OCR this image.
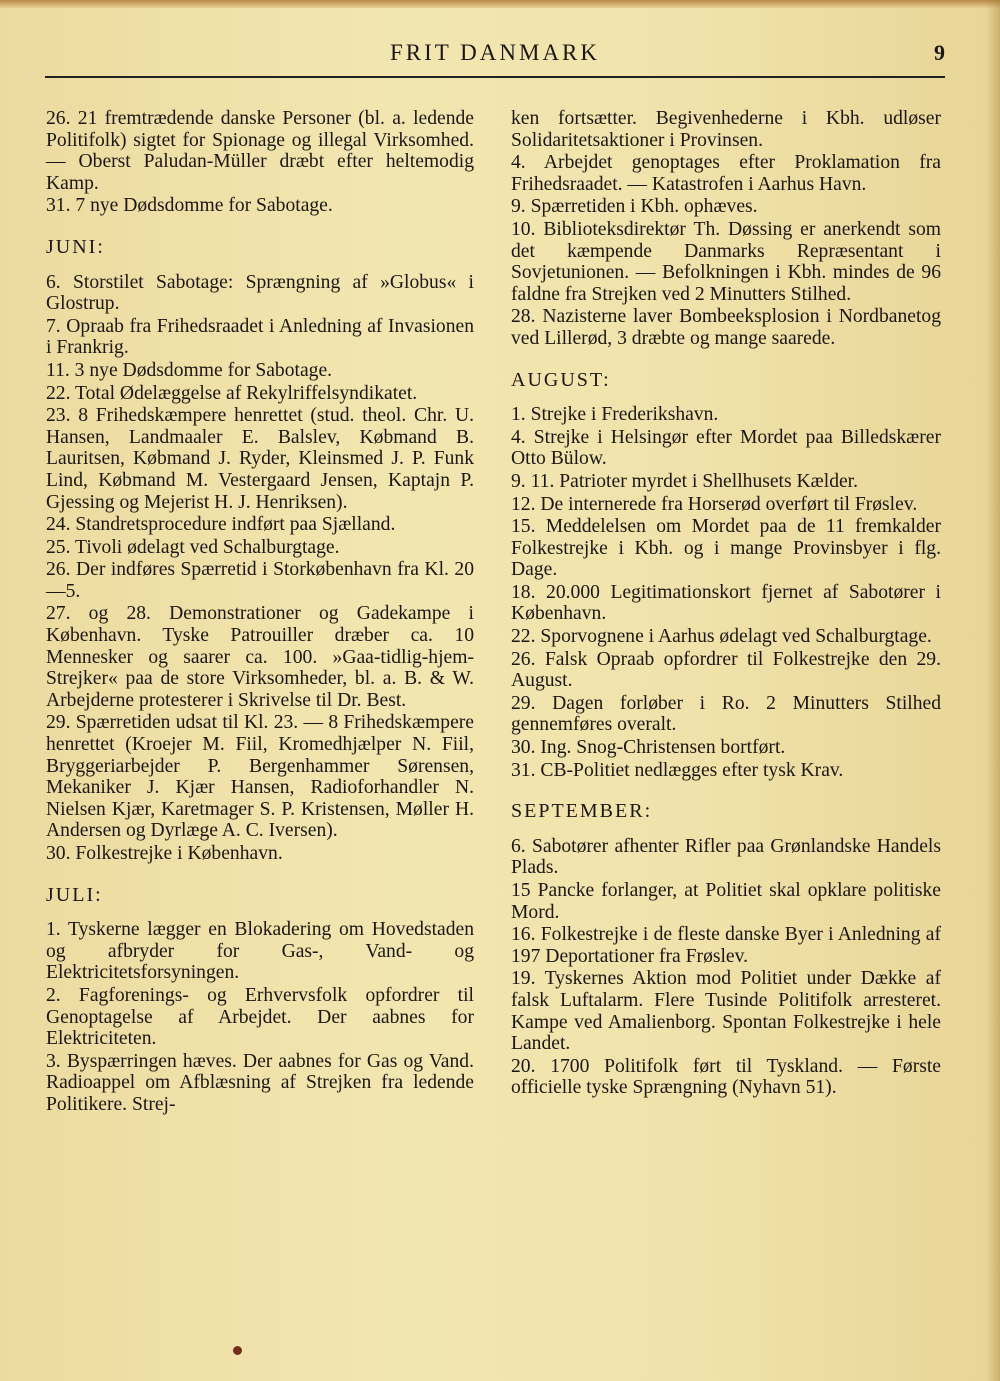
FRIT DANMARK	9
26. 21 fremtrædende danske Personer (bl. a. ledende Politifolk) sigtet for Spionage og illegal Virksomhed. — Oberst Paludan-Müller dræbt efter heltemodig Kamp.
31. 7 nye Dødsdomme for Sabotage.
JUNI:
6. Storstilet Sabotage: Sprængning af »Globus« i Glostrup.
7. Opraab fra Frihedsraadet i Anledning af Invasionen i Frankrig.
11. 3 nye Dødsdomme for Sabotage.
22. Total Ødelæggelse af Rekylriffelsyndikatet.
23. 8 Frihedskæmpere henrettet (stud. theol. Chr. U. Hansen, Landmaaler E. Balslev, Købmand B. Lauritsen, Købmand J. Ryder, Kleinsmed J. P. Funk Lind, Købmand M. Vestergaard Jensen, Kaptajn P. Gjessing og Mejerist H. J. Henriksen).
24. Standretsprocedure indført paa Sjælland.
25. Tivoli ødelagt ved Schalburgtage.
26. Der indføres Spærretid i Storkøbenhavn fra Kl. 20—5.
27. og 28. Demonstrationer og Gadekampe i København. Tyske Patrouiller dræber ca. 10 Mennesker og saarer ca. 100. »Gaa-tidlig-hjem-Strejker« paa de store Virksomheder, bl. a. B. & W. Arbejderne protesterer i Skrivelse til Dr. Best.
29. Spærretiden udsat til Kl. 23. — 8 Frihedskæmpere henrettet (Kroejer M. Fiil, Kromedhjælper N. Fiil, Bryggeriarbejder P. Bergenhammer Sørensen, Mekaniker J. Kjær Hansen, Radioforhandler N. Nielsen Kjær, Karetmager S. P. Kristensen, Møller H. Andersen og Dyrlæge A. C. Iversen).
30. Folkestrejke i København.
JULI:
1. Tyskerne lægger en Blokadering om Hovedstaden og afbryder for Gas-, Vand- og Elektricitetsforsyningen.
2. Fagforenings- og Erhvervsfolk opfordrer til Genoptagelse af Arbejdet. Der aabnes for Elektriciteten.
3. Byspærringen hæves. Der aabnes for Gas og Vand. Radioappel om Afblæsning af Strejken fra ledende Politikere. Strej-
ken fortsætter. Begivenhederne i Kbh. udløser Solidaritetsaktioner i Provinsen.
4. Arbejdet genoptages efter Proklamation fra Frihedsraadet. — Katastrofen i Aarhus Havn.
9. Spærretiden i Kbh. ophæves.
10. Biblioteksdirektør Th. Døssing er anerkendt som det kæmpende Danmarks Repræsentant i Sovjetunionen. — Befolkningen i Kbh. mindes de 96 faldne fra Strejken ved 2 Minutters Stilhed.
28. Nazisterne laver Bombeeksplosion i Nordbanetog ved Lillerød, 3 dræbte og mange saarede.
AUGUST:
1. Strejke i Frederikshavn.
4. Strejke i Helsingør efter Mordet paa Billedskærer Otto Bülow.
9. 11. Patrioter myrdet i Shellhusets Kælder.
12. De internerede fra Horserød overført til Frøslev.
15. Meddelelsen om Mordet paa de 11 fremkalder Folkestrejke i Kbh. og i mange Provinsbyer i flg. Dage.
18. 20.000 Legitimationskort fjernet af Sabotører i København.
22. Sporvognene i Aarhus ødelagt ved Schalburgtage.
26. Falsk Opraab opfordrer til Folkestrejke den 29. August.
29. Dagen forløber i Ro. 2 Minutters Stilhed gennemføres overalt.
30. Ing. Snog-Christensen bortført.
31. CB-Politiet nedlægges efter tysk Krav.
SEPTEMBER:
6. Sabotører afhenter Rifler paa Grønlandske Handels Plads.
15 Pancke forlanger, at Politiet skal opklare politiske Mord.
16. Folkestrejke i de fleste danske Byer i Anledning af 197 Deportationer fra Frøslev.
19. Tyskernes Aktion mod Politiet under Dække af falsk Luftalarm. Flere Tusinde Politifolk arresteret. Kampe ved Amalienborg. Spontan Folkestrejke i hele Landet.
20. 1700 Politifolk ført til Tyskland. — Første officielle tyske Sprængning (Nyhavn 51).
